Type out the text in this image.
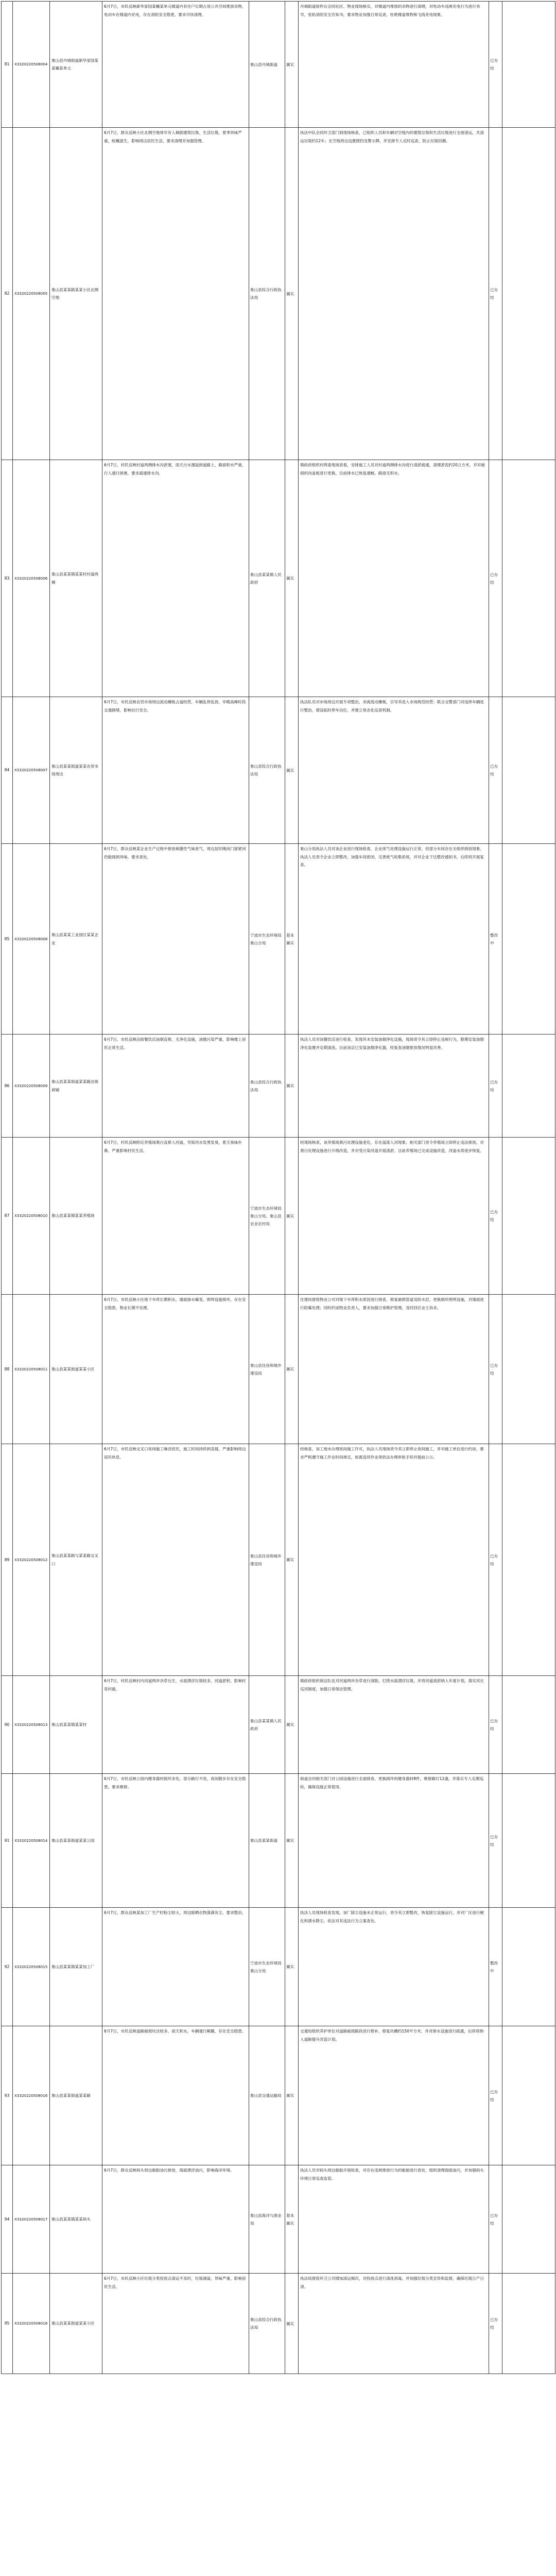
81	X3320220508004	象山县丹城街道新华家园某某幢某单元	6月7日，市民反映新华家园某幢某单元楼道内有住户长期占用公共空间堆放杂物，电动车在楼道内充电，存在消防安全隐患，要求尽快清理。	象山县丹城街道	属实	丹城街道接件后会同社区、物业现场核实，对楼道内堆放的杂物进行清理，对电动车违规充电行为进行劝导，张贴消防安全告知书，要求物业加强日常巡查，杜绝楼道堆物和飞线充电现象。	已办结	
82	X3320220508005	象山县某某路某某小区北侧空地	6月7日，群众反映小区北侧空地常年有人倾倒建筑垃圾、生活垃圾，夏季异味严重，蚊蝇滋生，影响周边居民生活，要求清理并加强管理。	象山县综合行政执法局	属实	执法中队会同环卫部门到现场核查，已组织人员和车辆对空地内的建筑垃圾和生活垃圾进行全面清运，共清运垃圾约12车；在空地周边设置围挡及警示牌，并安排专人定时巡查，防止垃圾回潮。	已办结	
83	X3320220508006	象山县某某镇某某村村道两侧	6月7日，村民反映村道两侧排水沟淤塞，雨天污水漫溢到道路上，路面积水严重，行人通行困难，要求疏通排水沟。	象山县某某镇人民政府	属实	镇政府组织村两委现场查看，安排施工人员对村道两侧排水沟进行清淤疏通，清理淤泥约20立方米，并对破损的沟盖板进行更换，目前排水已恢复通畅，路面无积水。	已办结	
84	X3320220508007	象山县某某街道某某农贸市场周边	6月7日，市民反映农贸市场周边流动摊贩占道经营，车辆乱停乱放，早晚高峰时段交通拥堵，影响出行安全。	象山县综合行政执法局	属实	执法队员对市场周边开展专项整治，劝离流动摊贩，引导其进入市场规范经营；联合交警部门对违停车辆进行整治，增设临时停车泊位，并建立常态化巡查机制。	已办结	
85	X3320220508008	象山县某某工业园区某某企业	6月7日，群众反映某企业生产过程中排放刺激性气味废气，周边居民晚间门窗紧闭仍能闻到异味，要求查处。	宁波市生态环境局象山分局	基本属实	象山分局执法人员对该企业进行现场检查，企业废气处理设施运行正常，但部分车间存在无组织排放现象。执法人员责令企业立即整改，加强车间密闭，完善废气收集系统，并对企业下达整改通知书，后续将开展复查。	整改中	
86	X3320220508009	象山县某某街道某某路沿街商铺	6月7日，市民反映沿街餐饮店油烟直排，无净化设施，油烟污染严重，影响楼上居民正常生活。	象山县综合行政执法局	属实	执法人员对该餐饮店进行检查，发现其未安装油烟净化设施，现场责令其立即停止违规行为，限期安装油烟净化装置并定期清洗。目前该店已安装油烟净化器，经复查油烟排放情况明显改善。	已办结	
87	X3320220508010	象山县某某镇某某养殖场	6月7日，村民反映附近养殖场粪污直排入河道，导致河水发黑发臭，夏天臭味扑鼻，严重影响村民生活。	宁波市生态环境局象山分局、象山县农业农村局	属实	经现场核查，该养殖场粪污处理设施老化，存在溢流入河现象。相关部门责令养殖场立即停止违法排放，对粪污处理设施进行升级改造，并对受污染河道开展清淤。目前养殖场已完成设施改造，河道水质逐步恢复。	已办结	
88	X3320220508011	象山县某某街道某某小区	6月7日，市民反映小区地下车库长期积水，墙面渗水霉变，照明设施损坏，存在安全隐患，物业长期不处理。	象山县住房和城乡建设局	属实	住建局督促物业公司对地下车库积水原因进行排查，修复破损管道及防水层，更换损坏照明设施，对墙面进行防霉处理；同时约谈物业负责人，要求加强日常维护管理，及时回应业主诉求。	已办结	
89	X3320220508012	象山县某某路与某某路交叉口	6月7日，市民反映交叉口夜间施工噪音扰民，施工时间持续到凌晨，严重影响周边居民休息。	象山县住房和城乡建设局	属实	经核查，该工地未办理夜间施工许可，执法人员现场责令其立即停止夜间施工，并对施工单位进行约谈，要求严格遵守施工作业时间规定，如需连续作业须依法办理审批手续并提前公示。	已办结	
90	X3320220508013	象山县某某镇某某村	6月7日，村民反映村内河道两岸杂草丛生，水面漂浮垃圾较多，河道淤积，影响村容村貌。	象山县某某镇人民政府	属实	镇政府组织保洁队伍对河道两岸杂草进行清除，打捞水面漂浮垃圾，并将河道清淤纳入年度计划，落实河长巡河制度，加强日常保洁管理。	已办结	
91	X3320220508014	象山县某某街道某某公园	6月7日，市民反映公园内健身器材损坏多处，部分路灯不亮，夜间散步存在安全隐患，要求维修。	象山县某某街道	属实	街道会同相关部门对公园设施进行全面排查，更换损坏的健身器材8件，维修路灯12盏，并落实专人定期巡检，确保设施正常使用。	已办结	
92	X3320220508015	象山县某某镇某某加工厂	6月7日，群众反映某加工厂生产时粉尘较大，周边晾晒衣物落满灰尘，要求整治。	宁波市生态环境局象山分局	属实	执法人员现场检查发现，该厂除尘设施未正常运行，责令其立即整改，恢复除尘设施运行，并对厂区进行硬化和洒水降尘，依法对其违法行为立案查处。	整改中	
93	X3320220508016	象山县某某街道某某路	6月7日，市民反映道路破损坑洼较多，雨天积水，车辆通行颠簸，存在安全隐患。	象山县交通运输局	属实	交通局组织养护单位对道路破损路段进行修补，修复坑槽约150平方米，并对排水设施进行疏通，后续将纳入道路提升改造计划。	已办结	
94	X3320220508017	象山县某某镇某某码头	6月7日，群众反映码头周边船舶油污排放，海面漂浮油污，影响海洋环境。	象山县海洋与渔业局	基本属实	执法人员对码头周边船舶开展检查，对存在违规排放行为的船舶进行查处，组织清理海面油污，并加强码头环境日常巡查监管。	已办结	
95	X3320220508018	象山县某某街道某某小区	6月7日，市民反映小区垃圾分类投放点清运不及时，垃圾满溢，异味严重，影响居民生活。	象山县综合行政执法局	属实	执法局督促环卫公司增加清运频次，对投放点进行清洗消毒，并加强垃圾分类宣传和监督，确保垃圾日产日清。	已办结	
